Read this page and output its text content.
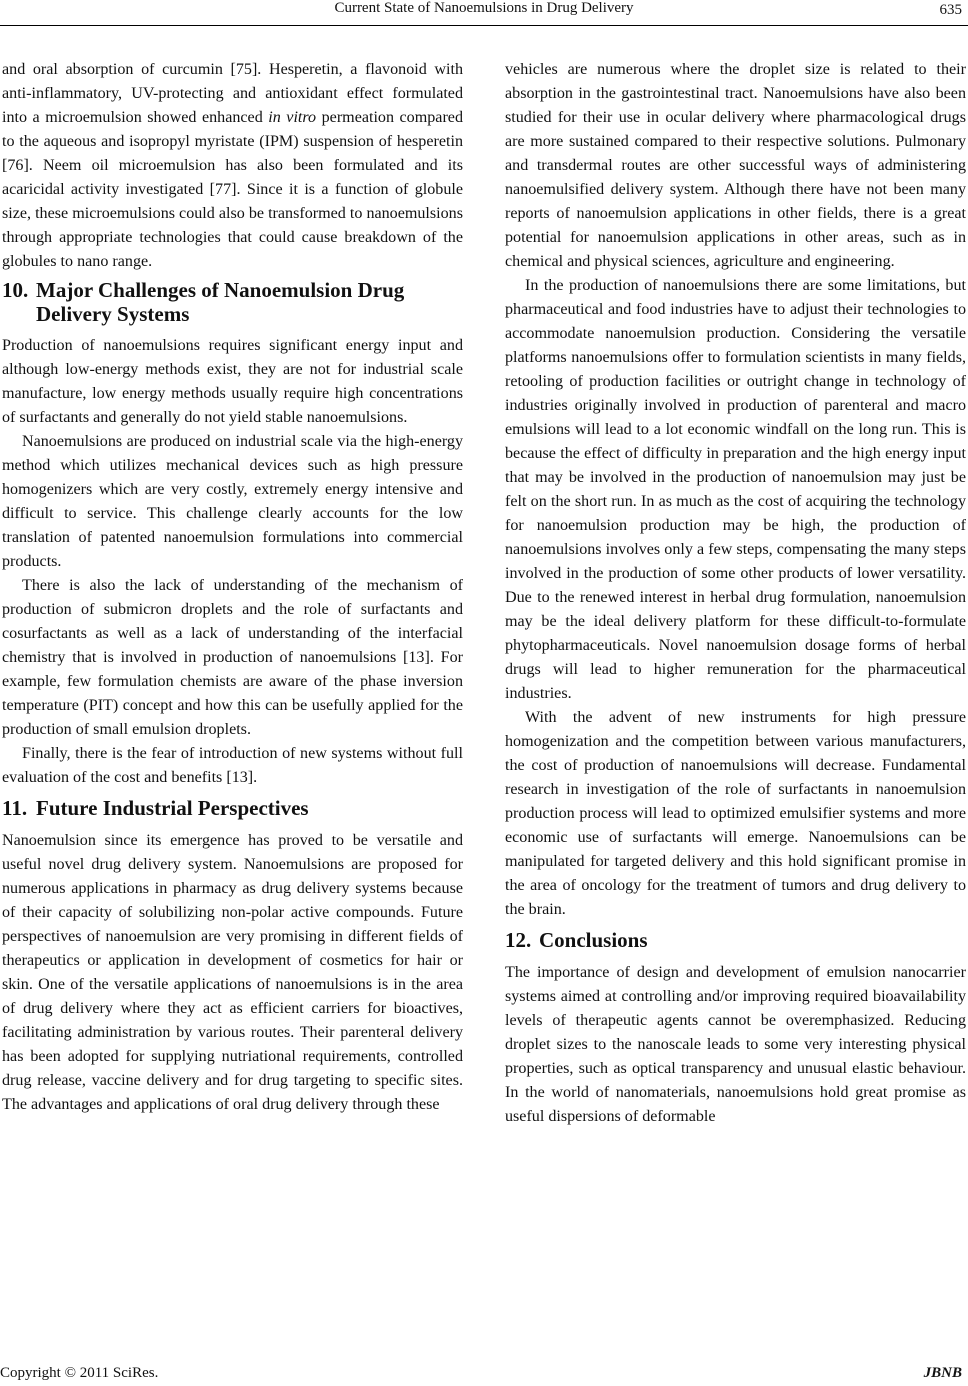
Current State of Nanoemulsions in Drug Delivery	635

and oral absorption of curcumin [75]. Hesperetin, a flavonoid with anti-inflammatory, UV-protecting and antioxidant effect formulated into a microemulsion showed enhanced in vitro permeation compared to the aqueous and isopropyl myristate (IPM) suspension of hesperetin [76]. Neem oil microemulsion has also been formulated and its acaricidal activity investigated [77]. Since it is a function of globule size, these microemulsions could also be transformed to nanoemulsions through appropriate technologies that could cause breakdown of the globules to nano range.

10. Major Challenges of Nanoemulsion Drug Delivery Systems

Production of nanoemulsions requires significant energy input and although low-energy methods exist, they are not for industrial scale manufacture, low energy methods usually require high concentrations of surfactants and generally do not yield stable nanoemulsions.

Nanoemulsions are produced on industrial scale via the high-energy method which utilizes mechanical devices such as high pressure homogenizers which are very costly, extremely energy intensive and difficult to service. This challenge clearly accounts for the low translation of patented nanoemulsion formulations into commercial products.

There is also the lack of understanding of the mechanism of production of submicron droplets and the role of surfactants and cosurfactants as well as a lack of understanding of the interfacial chemistry that is involved in production of nanoemulsions [13]. For example, few formulation chemists are aware of the phase inversion temperature (PIT) concept and how this can be usefully applied for the production of small emulsion droplets.

Finally, there is the fear of introduction of new systems without full evaluation of the cost and benefits [13].

11. Future Industrial Perspectives

Nanoemulsion since its emergence has proved to be versatile and useful novel drug delivery system. Nanoemulsions are proposed for numerous applications in pharmacy as drug delivery systems because of their capacity of solubilizing non-polar active compounds. Future perspectives of nanoemulsion are very promising in different fields of therapeutics or application in development of cosmetics for hair or skin. One of the versatile applications of nanoemulsions is in the area of drug delivery where they act as efficient carriers for bioactives, facilitating administration by various routes. Their parenteral delivery has been adopted for supplying nutriational requirements, controlled drug release, vaccine delivery and for drug targeting to specific sites. The advantages and applications of oral drug delivery through these

vehicles are numerous where the droplet size is related to their absorption in the gastrointestinal tract. Nanoemulsions have also been studied for their use in ocular delivery where pharmacological drugs are more sustained compared to their respective solutions. Pulmonary and transdermal routes are other successful ways of administering nanoemulsified delivery system. Although there have not been many reports of nanoemulsion applications in other fields, there is a great potential for nanoemulsion applications in other areas, such as in chemical and physical sciences, agriculture and engineering.

In the production of nanoemulsions there are some limitations, but pharmaceutical and food industries have to adjust their technologies to accommodate nanoemulsion production. Considering the versatile platforms nanoemulsions offer to formulation scientists in many fields, retooling of production facilities or outright change in technology of industries originally involved in production of parenteral and macro emulsions will lead to a lot economic windfall on the long run. This is because the effect of difficulty in preparation and the high energy input that may be involved in the production of nanoemulsion may just be felt on the short run. In as much as the cost of acquiring the technology for nanoemulsion production may be high, the production of nanoemulsions involves only a few steps, compensating the many steps involved in the production of some other products of lower versatility. Due to the renewed interest in herbal drug formulation, nanoemulsion may be the ideal delivery platform for these difficult-to-formulate phytopharmaceuticals. Novel nanoemulsion dosage forms of herbal drugs will lead to higher remuneration for the pharmaceutical industries.

With the advent of new instruments for high pressure homogenization and the competition between various manufacturers, the cost of production of nanoemulsions will decrease. Fundamental research in investigation of the role of surfactants in nanoemulsion production process will lead to optimized emulsifier systems and more economic use of surfactants will emerge. Nanoemulsions can be manipulated for targeted delivery and this hold significant promise in the area of oncology for the treatment of tumors and drug delivery to the brain.

12. Conclusions

The importance of design and development of emulsion nanocarrier systems aimed at controlling and/or improving required bioavailability levels of therapeutic agents cannot be overemphasized. Reducing droplet sizes to the nanoscale leads to some very interesting physical properties, such as optical transparency and unusual elastic behaviour. In the world of nanomaterials, nanoemulsions hold great promise as useful dispersions of deformable

Copyright © 2011 SciRes.	JBNB
